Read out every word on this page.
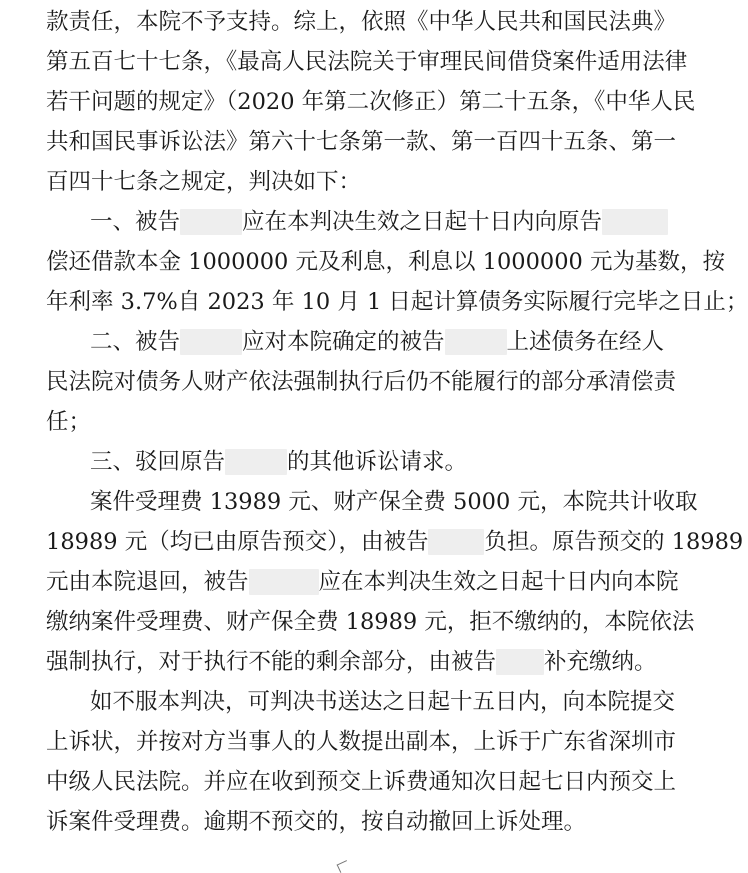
款责任，本院不予支持。综上，依照《中华人民共和国民法典》
第五百七十七条，《最高人民法院关于审理民间借贷案件适用法律
若干问题的规定》（2020 年第二次修正）第二十五条，《中华人民
共和国民事诉讼法》第六十七条第一款、第一百四十五条、第一
百四十七条之规定，判决如下：
一、被告	应在本判决生效之日起十日内向原告
偿还借款本金 1000000 元及利息，利息以 1000000 元为基数，按
年利率 3.7%自 2023 年 10 月 1 日起计算债务实际履行完毕之日止；
二、被告	应对本院确定的被告	上述债务在经人
民法院对债务人财产依法强制执行后仍不能履行的部分承清偿责
任；
三、驳回原告	的其他诉讼请求。
案件受理费 13989 元、财产保全费 5000 元，本院共计收取
18989 元（均已由原告预交），由被告 负担。原告预交的 18989
元由本院退回，被告	应在本判决生效之日起十日内向本院
缴纳案件受理费、财产保全费 18989 元，拒不缴纳的，本院依法
强制执行，对于执行不能的剩余部分，由被告 补充缴纳。
如不服本判决，可判决书送达之日起十五日内，向本院提交
上诉状，并按对方当事人的人数提出副本，上诉于广东省深圳市
中级人民法院。并应在收到预交上诉费通知次日起七日内预交上
诉案件受理费。逾期不预交的，按自动撤回上诉处理。
